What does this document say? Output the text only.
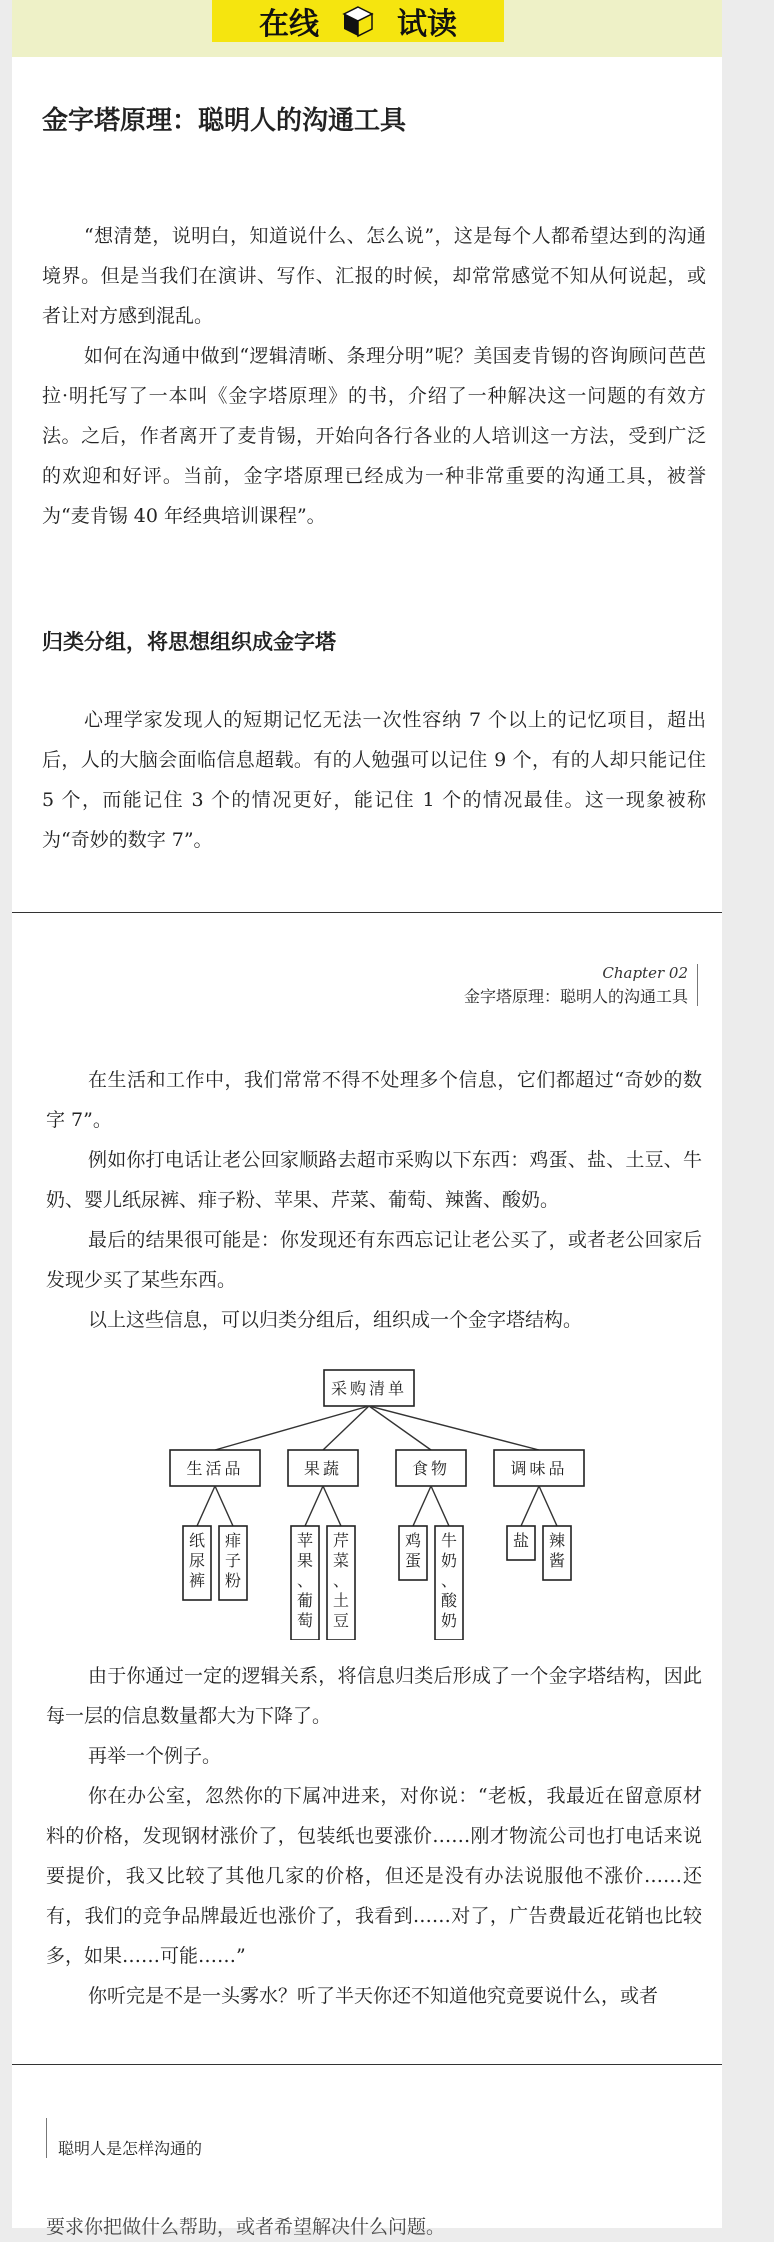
在线	试读
金字塔原理：聪明人的沟通工具

“想清楚，说明白，知道说什么、怎么说”，这是每个人都希望达到的沟通境界。但是当我们在演讲、写作、汇报的时候，却常常感觉不知从何说起，或者让对方感到混乱。

如何在沟通中做到“逻辑清晰、条理分明”呢？美国麦肯锡的咨询顾问芭芭拉·明托写了一本叫《金字塔原理》的书，介绍了一种解决这一问题的有效方法。之后，作者离开了麦肯锡，开始向各行各业的人培训这一方法，受到广泛的欢迎和好评。当前，金字塔原理已经成为一种非常重要的沟通工具，被誉为“麦肯锡 40 年经典培训课程”。

归类分组，将思想组织成金字塔

心理学家发现人的短期记忆无法一次性容纳 7 个以上的记忆项目，超出后，人的大脑会面临信息超载。有的人勉强可以记住 9 个，有的人却只能记住 5 个，而能记住 3 个的情况更好，能记住 1 个的情况最佳。这一现象被称为“奇妙的数字 7”。

Chapter 02
金字塔原理：聪明人的沟通工具

在生活和工作中，我们常常不得不处理多个信息，它们都超过“奇妙的数字 7”。

例如你打电话让老公回家顺路去超市采购以下东西：鸡蛋、盐、土豆、牛奶、婴儿纸尿裤、痱子粉、苹果、芹菜、葡萄、辣酱、酸奶。

最后的结果很可能是：你发现还有东西忘记让老公买了，或者老公回家后发现少买了某些东西。

以上这些信息，可以归类分组后，组织成一个金字塔结构。

采购清单
生活品
纸
尿
裤
痱
子
粉
果蔬
苹
果
、
葡
萄
芹
菜
、
土
豆
食物
鸡
蛋
牛
奶
、
酸
奶
调味品
盐 辣
酱

由于你通过一定的逻辑关系，将信息归类后形成了一个金字塔结构，因此每一层的信息数量都大为下降了。

再举一个例子。

你在办公室，忽然你的下属冲进来，对你说：“老板，我最近在留意原材料的价格，发现钢材涨价了，包装纸也要涨价……刚才物流公司也打电话来说要提价，我又比较了其他几家的价格，但还是没有办法说服他不涨价……还有，我们的竞争品牌最近也涨价了，我看到……对了，广告费最近花销也比较多，如果……可能……”

你听完是不是一头雾水？听了半天你还不知道他究竟要说什么，或者

聪明人是怎样沟通的
要求你把做什么帮助，或者希望解决什么问题。
